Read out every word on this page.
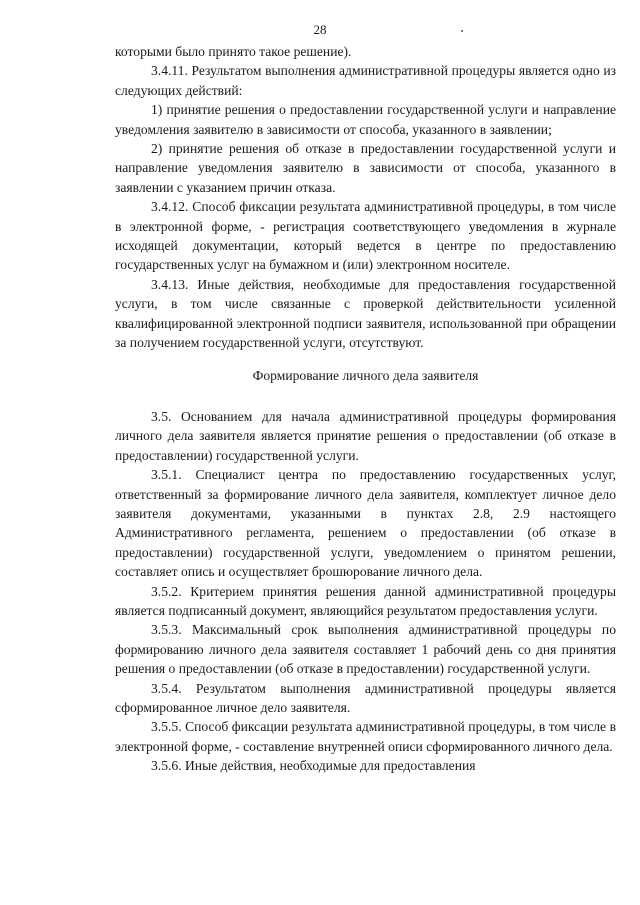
28

которыми было принято такое решение).

3.4.11. Результатом выполнения административной процедуры является одно из следующих действий:

1) принятие решения о предоставлении государственной услуги и направление уведомления заявителю в зависимости от способа, указанного в заявлении;

2) принятие решения об отказе в предоставлении государственной услуги и направление уведомления заявителю в зависимости от способа, указанного в заявлении с указанием причин отказа.

3.4.12. Способ фиксации результата административной процедуры, в том числе в электронной форме, - регистрация соответствующего уведомления в журнале исходящей документации, который ведется в центре по предоставлению государственных услуг на бумажном и (или) электронном носителе.

3.4.13. Иные действия, необходимые для предоставления государственной услуги, в том числе связанные с проверкой действительности усиленной квалифицированной электронной подписи заявителя, использованной при обращении за получением государственной услуги, отсутствуют.

Формирование личного дела заявителя

3.5. Основанием для начала административной процедуры формирования личного дела заявителя является принятие решения о предоставлении (об отказе в предоставлении) государственной услуги.

3.5.1. Специалист центра по предоставлению государственных услуг, ответственный за формирование личного дела заявителя, комплектует личное дело заявителя документами, указанными в пунктах 2.8, 2.9 настоящего Административного регламента, решением о предоставлении (об отказе в предоставлении) государственной услуги, уведомлением о принятом решении, составляет опись и осуществляет брошюрование личного дела.

3.5.2. Критерием принятия решения данной административной процедуры является подписанный документ, являющийся результатом предоставления услуги.

3.5.3. Максимальный срок выполнения административной процедуры по формированию личного дела заявителя составляет 1 рабочий день со дня принятия решения о предоставлении (об отказе в предоставлении) государственной услуги.

3.5.4. Результатом выполнения административной процедуры является сформированное личное дело заявителя.

3.5.5. Способ фиксации результата административной процедуры, в том числе в электронной форме, - составление внутренней описи сформированного личного дела.

3.5.6. Иные действия, необходимые для предоставления
